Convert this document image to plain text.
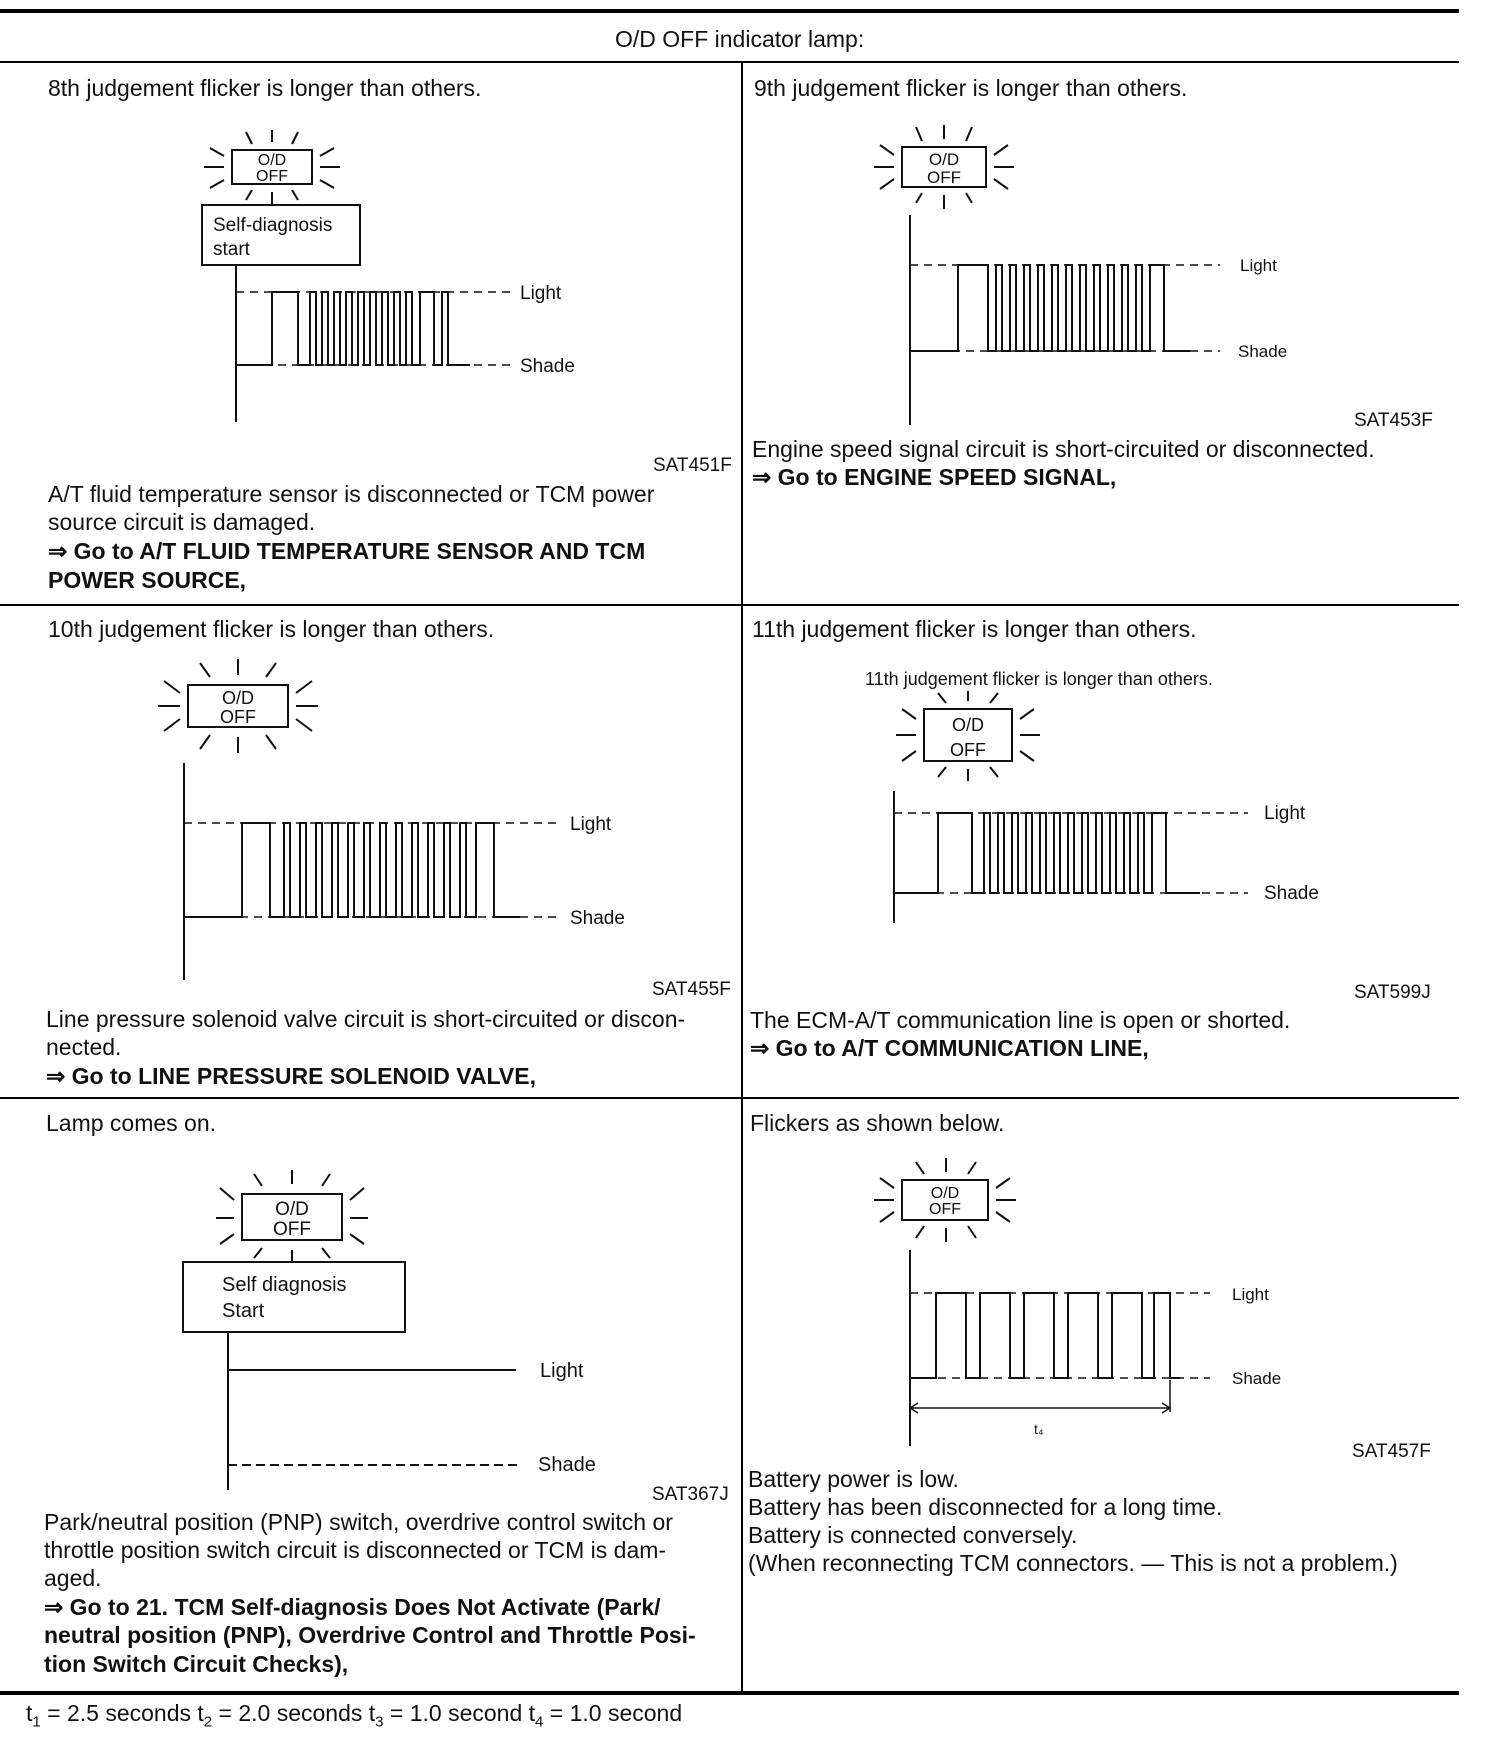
O/D OFF indicator lamp:
8th judgement flicker is longer than others.
O/D
OFF
Self-diagnosis
start
Light
Shade
SAT451F
A/T fluid temperature sensor is disconnected or TCM power
source circuit is damaged.
⇒ Go to A/T FLUID TEMPERATURE SENSOR AND TCM
POWER SOURCE,
9th judgement flicker is longer than others.
O/D
OFF
Light
Shade
SAT453F
Engine speed signal circuit is short-circuited or disconnected.
⇒ Go to ENGINE SPEED SIGNAL,
10th judgement flicker is longer than others.
O/D
OFF
Light
Shade
SAT455F
Line pressure solenoid valve circuit is short-circuited or discon-
nected.
⇒ Go to LINE PRESSURE SOLENOID VALVE,
11th judgement flicker is longer than others.
11th judgement flicker is longer than others.
O/D
OFF
Light
Shade
SAT599J
The ECM-A/T communication line is open or shorted.
⇒ Go to A/T COMMUNICATION LINE,
Lamp comes on.
O/D
OFF
Self diagnosis
Start
Light
Shade
SAT367J
Park/neutral position (PNP) switch, overdrive control switch or
throttle position switch circuit is disconnected or TCM is dam-
aged.
⇒ Go to 21. TCM Self-diagnosis Does Not Activate (Park/
neutral position (PNP), Overdrive Control and Throttle Posi-
tion Switch Circuit Checks),
Flickers as shown below.
O/D
OFF
t₄
Light
Shade
SAT457F
Battery power is low.
Battery has been disconnected for a long time.
Battery is connected conversely.
(When reconnecting TCM connectors. — This is not a problem.)
$t_1 = 2.5$ seconds $t_2 = 2.0$ seconds $t_3 = 1.0$ second $t_4 = 1.0$ second
